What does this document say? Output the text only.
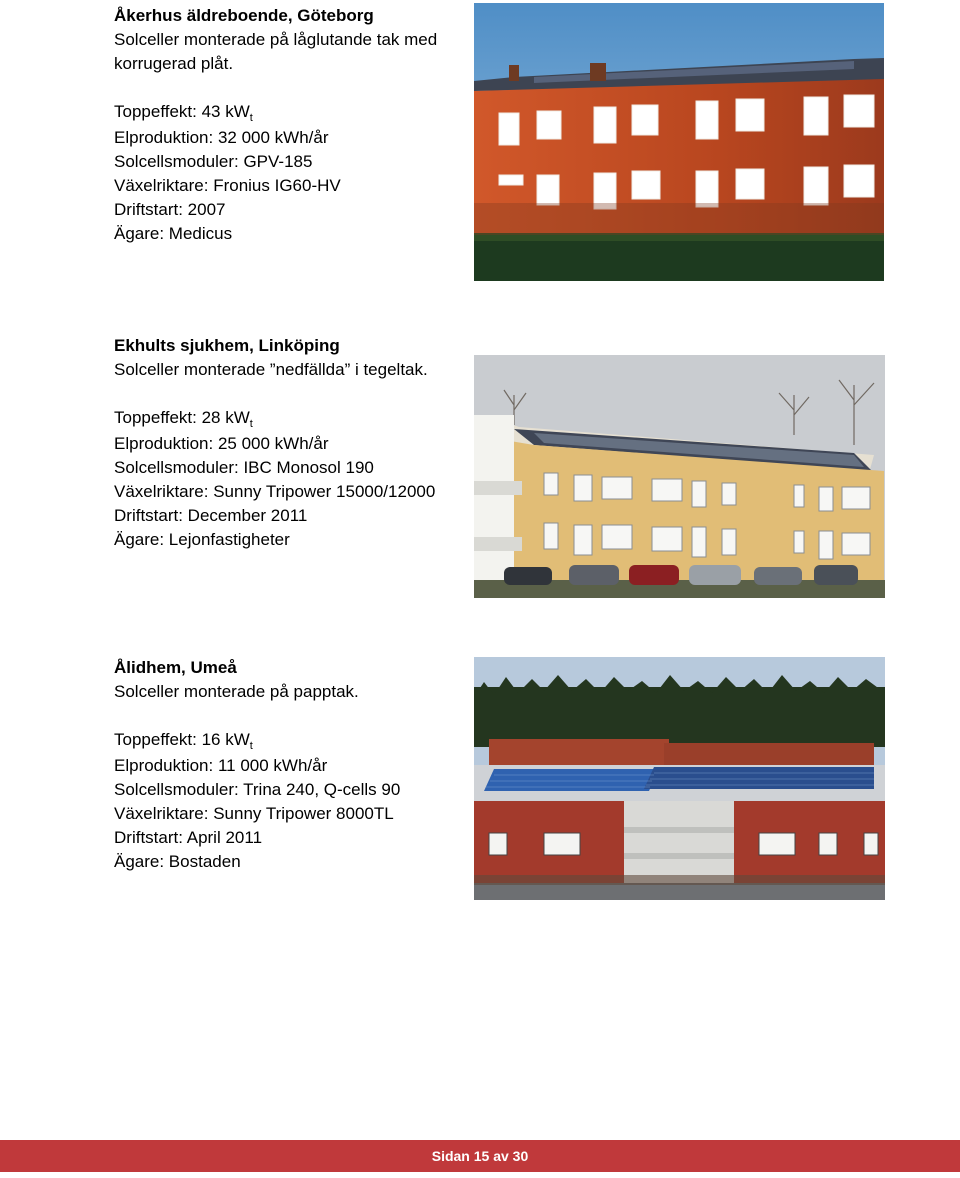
Åkerhus äldreboende, Göteborg

Solceller monterade på låglutande tak med korrugerad plåt.

Toppeffekt: 43 $kW_t$

Elproduktion: 32 000 kWh/år

Solcellsmoduler: GPV-185

Växelriktare: Fronius IG60-HV

Driftstart: 2007

Ägare: Medicus

Ekhults sjukhem, Linköping

Solceller monterade ”nedfällda” i tegeltak.

Toppeffekt: 28 $kW_t$

Elproduktion: 25 000 kWh/år

Solcellsmoduler: IBC Monosol 190

Växelriktare: Sunny Tripower 15000/12000

Driftstart: December 2011

Ägare: Lejonfastigheter

Ålidhem, Umeå

Solceller monterade på papptak.

Toppeffekt: 16 $kW_t$

Elproduktion: 11 000 kWh/år

Solcellsmoduler: Trina 240, Q-cells 90

Växelriktare: Sunny Tripower 8000TL

Driftstart: April 2011

Ägare: Bostaden

Sidan 15 av 30
